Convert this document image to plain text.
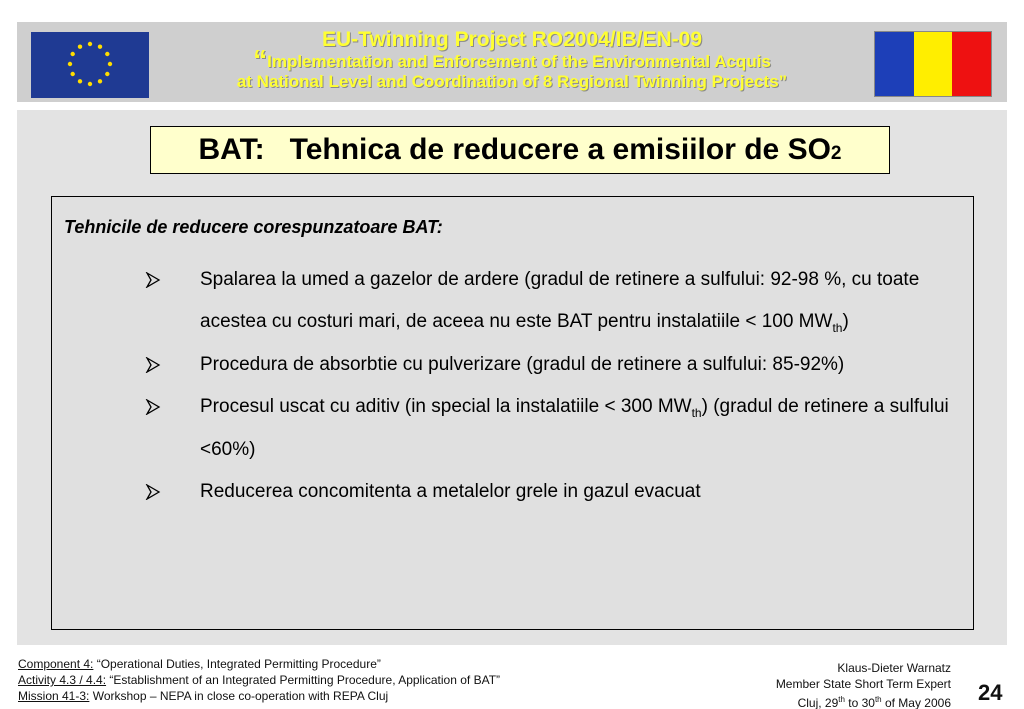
EU-Twinning Project RO2004/IB/EN-09
“Implementation and Enforcement of the Environmental Acquis
at National Level and Coordination of 8 Regional Twinning Projects”
BAT:
Tehnica de reducere a emisiilor de $SO_2$
Tehnicile de reducere corespunzatoare BAT:
Spalarea la umed a gazelor de ardere (gradul de retinere a sulfului: 92-98 %, cu toate acestea cu costuri mari, de aceea nu este BAT pentru instalatiile < 100 $MW_{th}$)
Procedura de absorbtie cu pulverizare (gradul de retinere a sulfului: 85-92%)
Procesul uscat cu aditiv (in special la instalatiile < 300 $MW_{th}$) (gradul de retinere a sulfului <60%)
Reducerea concomitenta a metalelor grele in gazul evacuat
Component 4: “Operational Duties, Integrated Permitting Procedure”
Activity 4.3 / 4.4: “Establishment of an Integrated Permitting Procedure, Application of BAT”
Mission 41-3: Workshop – NEPA in close co-operation with REPA Cluj
Klaus-Dieter Warnatz
Member State Short Term Expert
Cluj, 29th to 30th of May 2006 24
